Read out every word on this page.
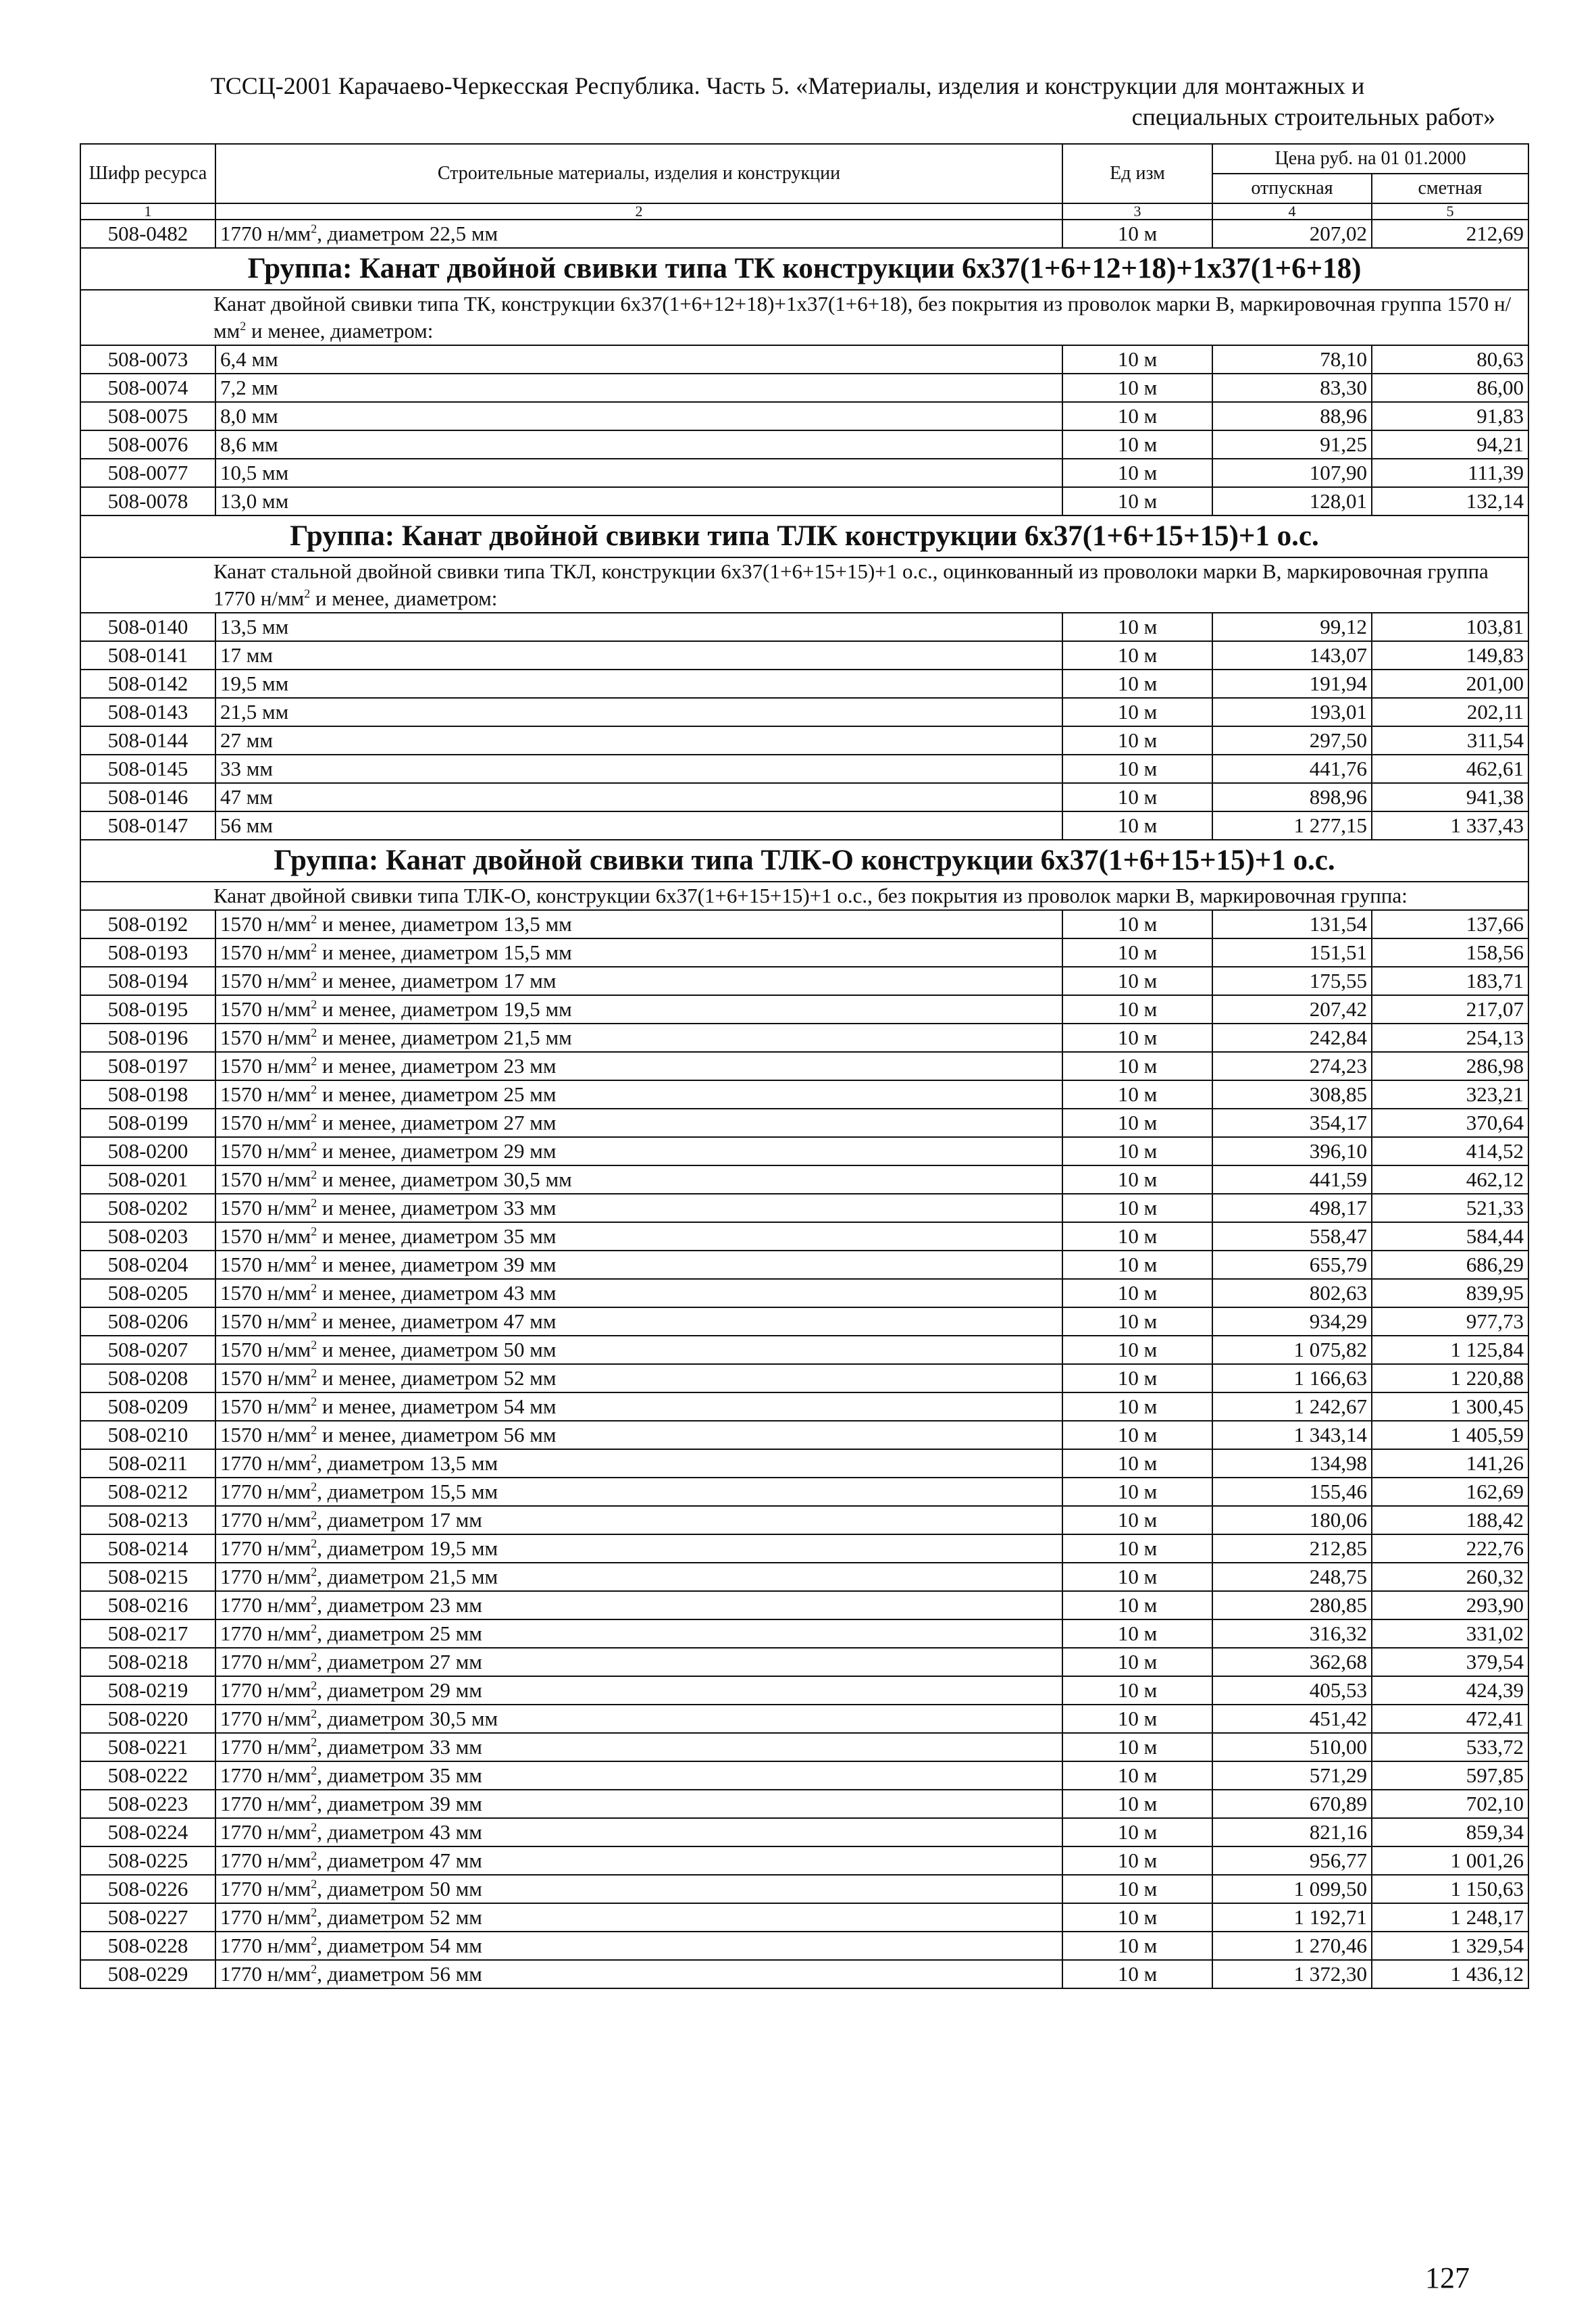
ТССЦ-2001 Карачаево-Черкесская Республика. Часть 5. «Материалы, изделия и конструкции для монтажных и
специальных строительных работ»
Шифр ресурса	Строительные материалы, изделия и конструкции	Ед изм	Цена руб. на 01 01.2000	
			отпускная	сметная
1	2	3	4	5
508-0482	1770 $н/мм^2$, диаметром 22,5 мм	10 м	207,02	212,69
Группа: Канат двойной свивки типа ТК конструкции 6х37(1+6+12+18)+1х37(1+6+18)				

Канат двойной свивки типа ТК, конструкции 6х37(1+6+12+18)+1х37(1+6+18), без покрытия из проволок марки В, маркировочная группа 1570 $н/мм^2$ и менее, диаметром:				

508-0073	6,4 мм	10 м	78,10	80,63
508-0074	7,2 мм	10 м	83,30	86,00
508-0075	8,0 мм	10 м	88,96	91,83
508-0076	8,6 мм	10 м	91,25	94,21
508-0077	10,5 мм	10 м	107,90	111,39
508-0078	13,0 мм	10 м	128,01	132,14
Группа: Канат двойной свивки типа ТЛК конструкции 6х37(1+6+15+15)+1 о.с.				

Канат стальной двойной свивки типа ТКЛ, конструкции 6х37(1+6+15+15)+1 о.с., оцинкованный из проволоки марки В, маркировочная группа 1770 $н/мм^2$ и менее, диаметром:				

508-0140	13,5 мм	10 м	99,12	103,81
508-0141	17 мм	10 м	143,07	149,83
508-0142	19,5 мм	10 м	191,94	201,00
508-0143	21,5 мм	10 м	193,01	202,11
508-0144	27 мм	10 м	297,50	311,54
508-0145	33 мм	10 м	441,76	462,61
508-0146	47 мм	10 м	898,96	941,38
508-0147	56 мм	10 м	1 277,15	1 337,43
Группа: Канат двойной свивки типа ТЛК-О конструкции 6х37(1+6+15+15)+1 о.с.				

Канат двойной свивки типа ТЛК-О, конструкции 6х37(1+6+15+15)+1 о.с., без покрытия из проволок марки В, маркировочная группа:				

508-0192	1570 $н/мм^2$ и менее, диаметром 13,5 мм	10 м	131,54	137,66
508-0193	1570 $н/мм^2$ и менее, диаметром 15,5 мм	10 м	151,51	158,56
508-0194	1570 $н/мм^2$ и менее, диаметром 17 мм	10 м	175,55	183,71
508-0195	1570 $н/мм^2$ и менее, диаметром 19,5 мм	10 м	207,42	217,07
508-0196	1570 $н/мм^2$ и менее, диаметром 21,5 мм	10 м	242,84	254,13
508-0197	1570 $н/мм^2$ и менее, диаметром 23 мм	10 м	274,23	286,98
508-0198	1570 $н/мм^2$ и менее, диаметром 25 мм	10 м	308,85	323,21
508-0199	1570 $н/мм^2$ и менее, диаметром 27 мм	10 м	354,17	370,64
508-0200	1570 $н/мм^2$ и менее, диаметром 29 мм	10 м	396,10	414,52
508-0201	1570 $н/мм^2$ и менее, диаметром 30,5 мм	10 м	441,59	462,12
508-0202	1570 $н/мм^2$ и менее, диаметром 33 мм	10 м	498,17	521,33
508-0203	1570 $н/мм^2$ и менее, диаметром 35 мм	10 м	558,47	584,44
508-0204	1570 $н/мм^2$ и менее, диаметром 39 мм	10 м	655,79	686,29
508-0205	1570 $н/мм^2$ и менее, диаметром 43 мм	10 м	802,63	839,95
508-0206	1570 $н/мм^2$ и менее, диаметром 47 мм	10 м	934,29	977,73
508-0207	1570 $н/мм^2$ и менее, диаметром 50 мм	10 м	1 075,82	1 125,84
508-0208	1570 $н/мм^2$ и менее, диаметром 52 мм	10 м	1 166,63	1 220,88
508-0209	1570 $н/мм^2$ и менее, диаметром 54 мм	10 м	1 242,67	1 300,45
508-0210	1570 $н/мм^2$ и менее, диаметром 56 мм	10 м	1 343,14	1 405,59
508-0211	1770 $н/мм^2$, диаметром 13,5 мм	10 м	134,98	141,26
508-0212	1770 $н/мм^2$, диаметром 15,5 мм	10 м	155,46	162,69
508-0213	1770 $н/мм^2$, диаметром 17 мм	10 м	180,06	188,42
508-0214	1770 $н/мм^2$, диаметром 19,5 мм	10 м	212,85	222,76
508-0215	1770 $н/мм^2$, диаметром 21,5 мм	10 м	248,75	260,32
508-0216	1770 $н/мм^2$, диаметром 23 мм	10 м	280,85	293,90
508-0217	1770 $н/мм^2$, диаметром 25 мм	10 м	316,32	331,02
508-0218	1770 $н/мм^2$, диаметром 27 мм	10 м	362,68	379,54
508-0219	1770 $н/мм^2$, диаметром 29 мм	10 м	405,53	424,39
508-0220	1770 $н/мм^2$, диаметром 30,5 мм	10 м	451,42	472,41
508-0221	1770 $н/мм^2$, диаметром 33 мм	10 м	510,00	533,72
508-0222	1770 $н/мм^2$, диаметром 35 мм	10 м	571,29	597,85
508-0223	1770 $н/мм^2$, диаметром 39 мм	10 м	670,89	702,10
508-0224	1770 $н/мм^2$, диаметром 43 мм	10 м	821,16	859,34
508-0225	1770 $н/мм^2$, диаметром 47 мм	10 м	956,77	1 001,26
508-0226	1770 $н/мм^2$, диаметром 50 мм	10 м	1 099,50	1 150,63
508-0227	1770 $н/мм^2$, диаметром 52 мм	10 м	1 192,71	1 248,17
508-0228	1770 $н/мм^2$, диаметром 54 мм	10 м	1 270,46	1 329,54
508-0229	1770 $н/мм^2$, диаметром 56 мм	10 м	1 372,30	1 436,12
127
